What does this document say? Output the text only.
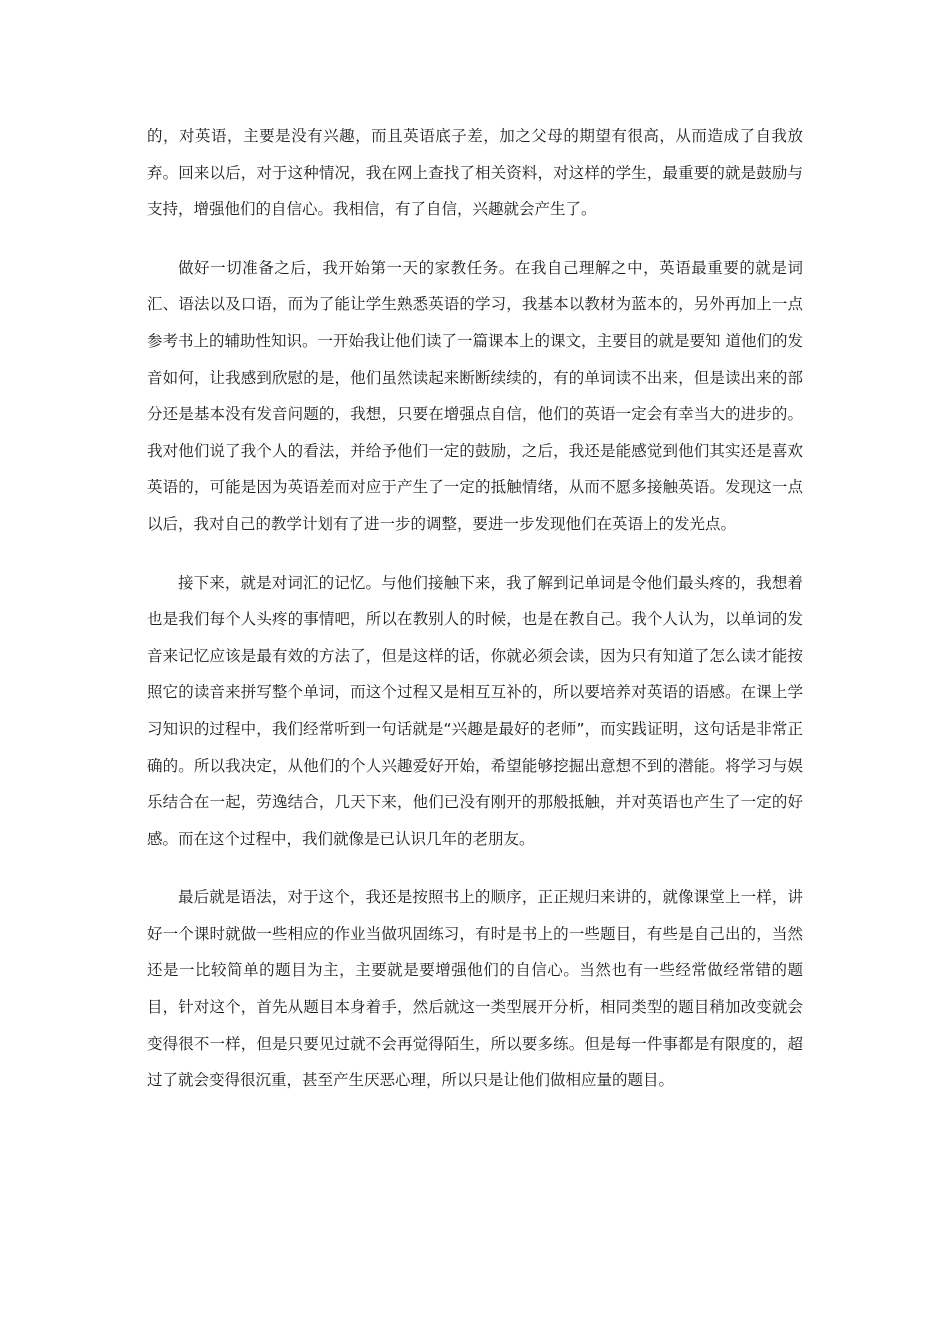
的，对英语，主要是没有兴趣，而且英语底子差，加之父母的期望有很高，从而造成了自我放弃。回来以后，对于这种情况，我在网上查找了相关资料，对这样的学生，最重要的就是鼓励与支持，增强他们的自信心。我相信，有了自信，兴趣就会产生了。

做好一切准备之后，我开始第一天的家教任务。在我自己理解之中，英语最重要的就是词汇、语法以及口语，而为了能让学生熟悉英语的学习，我基本以教材为蓝本的，另外再加上一点参考书上的辅助性知识。一开始我让他们读了一篇课本上的课文，主要目的就是要知 道他们的发音如何，让我感到欣慰的是，他们虽然读起来断断续续的，有的单词读不出来，但是读出来的部分还是基本没有发音问题的，我想，只要在增强点自信，他们的英语一定会有幸当大的进步的。我对他们说了我个人的看法，并给予他们一定的鼓励，之后，我还是能感觉到他们其实还是喜欢英语的，可能是因为英语差而对应于产生了一定的抵触情绪，从而不愿多接触英语。发现这一点以后，我对自己的教学计划有了进一步的调整，要进一步发现他们在英语上的发光点。

接下来，就是对词汇的记忆。与他们接触下来，我了解到记单词是令他们最头疼的，我想着也是我们每个人头疼的事情吧，所以在教别人的时候，也是在教自己。我个人认为，以单词的发音来记忆应该是最有效的方法了，但是这样的话，你就必须会读，因为只有知道了怎么读才能按照它的读音来拼写整个单词，而这个过程又是相互互补的，所以要培养对英语的语感。在课上学习知识的过程中，我们经常听到一句话就是“兴趣是最好的老师”，而实践证明，这句话是非常正确的。所以我决定，从他们的个人兴趣爱好开始，希望能够挖掘出意想不到的潜能。将学习与娱乐结合在一起，劳逸结合，几天下来，他们已没有刚开的那般抵触，并对英语也产生了一定的好感。而在这个过程中，我们就像是已认识几年的老朋友。

最后就是语法，对于这个，我还是按照书上的顺序，正正规归来讲的，就像课堂上一样，讲好一个课时就做一些相应的作业当做巩固练习，有时是书上的一些题目，有些是自己出的，当然还是一比较简单的题目为主，主要就是要增强他们的自信心。当然也有一些经常做经常错的题目，针对这个，首先从题目本身着手，然后就这一类型展开分析，相同类型的题目稍加改变就会变得很不一样，但是只要见过就不会再觉得陌生，所以要多练。但是每一件事都是有限度的，超过了就会变得很沉重，甚至产生厌恶心理，所以只是让他们做相应量的题目。
